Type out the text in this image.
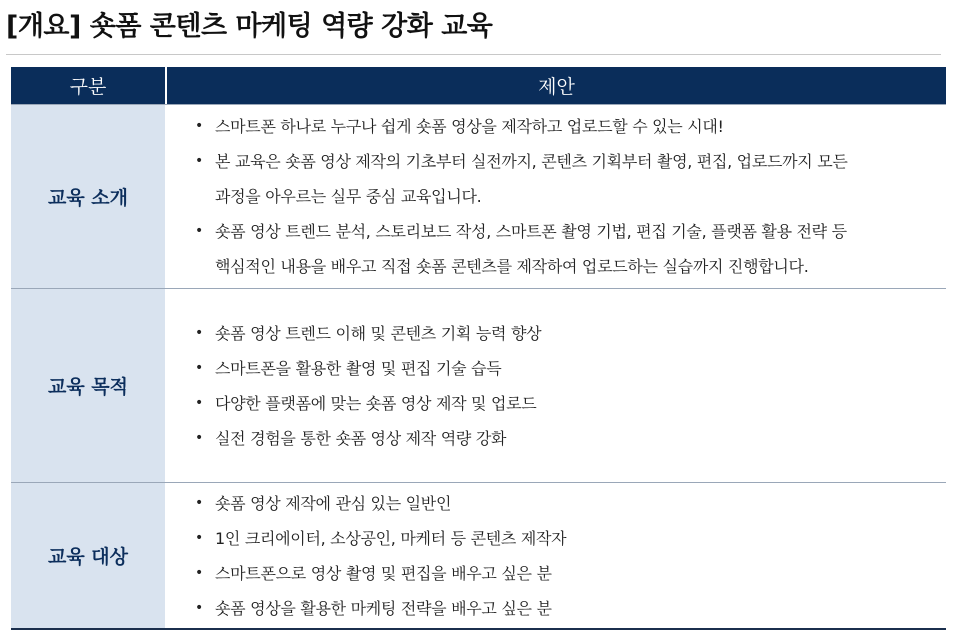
[개요] 숏폼 콘텐츠 마케팅 역량 강화 교육
구분	제안
교육 소개
• 스마트폰 하나로 누구나 쉽게 숏폼 영상을 제작하고 업로드할 수 있는 시대!
• 본 교육은 숏폼 영상 제작의 기초부터 실전까지, 콘텐츠 기획부터 촬영, 편집, 업로드까지 모든
과정을 아우르는 실무 중심 교육입니다.
• 숏폼 영상 트렌드 분석, 스토리보드 작성, 스마트폰 촬영 기법, 편집 기술, 플랫폼 활용 전략 등
핵심적인 내용을 배우고 직접 숏폼 콘텐츠를 제작하여 업로드하는 실습까지 진행합니다.
교육 목적
• 숏폼 영상 트렌드 이해 및 콘텐츠 기획 능력 향상
• 스마트폰을 활용한 촬영 및 편집 기술 습득
• 다양한 플랫폼에 맞는 숏폼 영상 제작 및 업로드
• 실전 경험을 통한 숏폼 영상 제작 역량 강화
교육 대상
• 숏폼 영상 제작에 관심 있는 일반인
• 1인 크리에이터, 소상공인, 마케터 등 콘텐츠 제작자
• 스마트폰으로 영상 촬영 및 편집을 배우고 싶은 분
• 숏폼 영상을 활용한 마케팅 전략을 배우고 싶은 분
